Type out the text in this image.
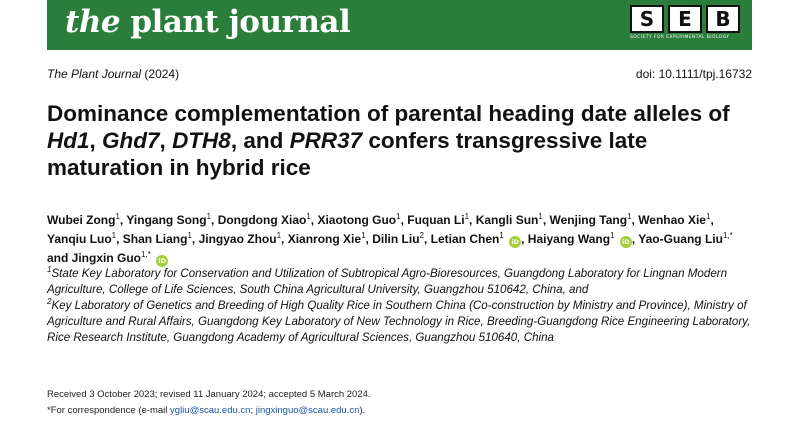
the plant journal	S	E	B
SOCIETY FOR EXPERIMENTAL BIOLOGY
The Plant Journal (2024)	doi: 10.1111/tpj.16732
Dominance complementation of parental heading date alleles of Hd1, Ghd7, DTH8, and PRR37 confers transgressive late maturation in hybrid rice
Wubei Zong$^1$, Yingang Song$^1$, Dongdong Xiao$^1$, Xiaotong Guo$^1$, Fuquan Li$^1$, Kangli Sun$^1$, Wenjing Tang$^1$, Wenhao Xie$^1$,
Yanqiu Luo$^1$, Shan Liang$^1$, Jingyao Zhou$^1$, Xianrong Xie$^1$, Dilin Liu$^2$, Letian Chen$^1$ iD , Haiyang Wang$^1$ iD , Yao-Guang Liu$^{1,*}$
and Jingxin Guo$^{1,*}$ iD
$^1$State Key Laboratory for Conservation and Utilization of Subtropical Agro-Bioresources, Guangdong Laboratory for Lingnan Modern Agriculture, College of Life Sciences, South China Agricultural University, Guangzhou 510642, China, and
$^2$Key Laboratory of Genetics and Breeding of High Quality Rice in Southern China (Co-construction by Ministry and Province), Ministry of Agriculture and Rural Affairs, Guangdong Key Laboratory of New Technology in Rice, Breeding-Guangdong Rice Engineering Laboratory, Rice Research Institute, Guangdong Academy of Agricultural Sciences, Guangzhou 510640, China
Received 3 October 2023; revised 11 January 2024; accepted 5 March 2024.
*For correspondence (e-mail ygliu@scau.edu.cn; jingxinguo@scau.edu.cn).
